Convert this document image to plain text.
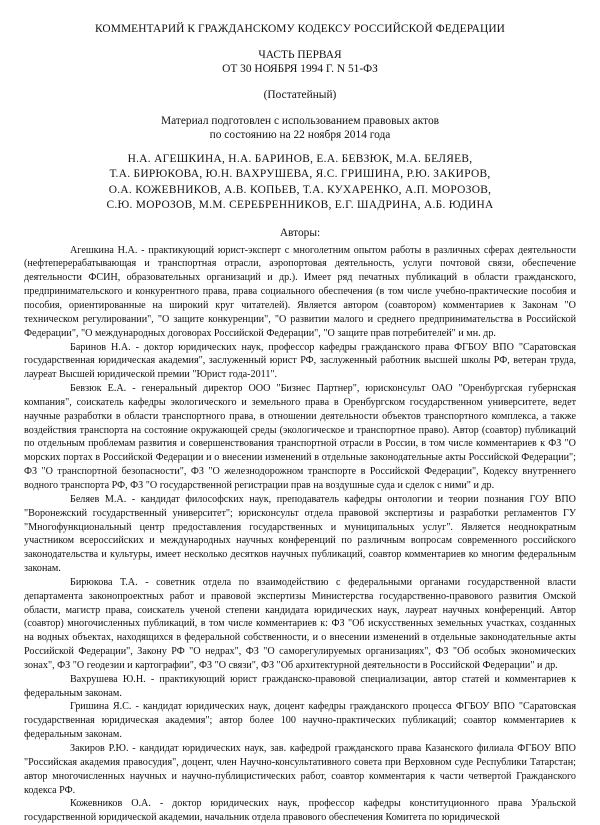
КОММЕНТАРИЙ К ГРАЖДАНСКОМУ КОДЕКСУ РОССИЙСКОЙ ФЕДЕРАЦИИ
ЧАСТЬ ПЕРВАЯ
ОТ 30 НОЯБРЯ 1994 Г. N 51-ФЗ
(Постатейный)
Материал подготовлен с использованием правовых актов
по состоянию на 22 ноября 2014 года
Н.А. АГЕШКИНА, Н.А. БАРИНОВ, Е.А. БЕВЗЮК, М.А. БЕЛЯЕВ,
Т.А. БИРЮКОВА, Ю.Н. ВАХРУШЕВА, Я.С. ГРИШИНА, Р.Ю. ЗАКИРОВ,
О.А. КОЖЕВНИКОВ, А.В. КОПЬЕВ, Т.А. КУХАРЕНКО, А.П. МОРОЗОВ,
С.Ю. МОРОЗОВ, М.М. СЕРЕБРЕННИКОВ, Е.Г. ШАДРИНА, А.Б. ЮДИНА
Авторы:

Агешкина Н.А. - практикующий юрист-эксперт с многолетним опытом работы в различных сферах деятельности (нефтеперерабатывающая и транспортная отрасли, аэропортовая деятельность, услуги почтовой связи, обеспечение деятельности ФСИН, образовательных организаций и др.). Имеет ряд печатных публикаций в области гражданского, предпринимательского и конкурентного права, права социального обеспечения (в том числе учебно-практические пособия и пособия, ориентированные на широкий круг читателей). Является автором (соавтором) комментариев к Законам "О техническом регулировании", "О защите конкуренции", "О развитии малого и среднего предпринимательства в Российской Федерации", "О международных договорах Российской Федерации", "О защите прав потребителей" и мн. др.

Баринов Н.А. - доктор юридических наук, профессор кафедры гражданского права ФГБОУ ВПО "Саратовская государственная юридическая академия", заслуженный юрист РФ, заслуженный работник высшей школы РФ, ветеран труда, лауреат Высшей юридической премии "Юрист года-2011".

Бевзюк Е.А. - генеральный директор ООО "Бизнес Партнер", юрисконсульт ОАО "Оренбургская губернская компания", соискатель кафедры экологического и земельного права в Оренбургском государственном университете, ведет научные разработки в области транспортного права, в отношении деятельности объектов транспортного комплекса, а также воздействия транспорта на состояние окружающей среды (экологическое и транспортное право). Автор (соавтор) публикаций по отдельным проблемам развития и совершенствования транспортной отрасли в России, в том числе комментариев к ФЗ "О морских портах в Российской Федерации и о внесении изменений в отдельные законодательные акты Российской Федерации"; ФЗ "О транспортной безопасности", ФЗ "О железнодорожном транспорте в Российской Федерации", Кодексу внутреннего водного транспорта РФ, ФЗ "О государственной регистрации прав на воздушные суда и сделок с ними" и др.

Беляев М.А. - кандидат философских наук, преподаватель кафедры онтологии и теории познания ГОУ ВПО "Воронежский государственный университет"; юрисконсульт отдела правовой экспертизы и разработки регламентов ГУ "Многофункциональный центр предоставления государственных и муниципальных услуг". Является неоднократным участником всероссийских и международных научных конференций по различным вопросам современного российского законодательства и культуры, имеет несколько десятков научных публикаций, соавтор комментариев ко многим федеральным законам.

Бирюкова Т.А. - советник отдела по взаимодействию с федеральными органами государственной власти департамента законопроектных работ и правовой экспертизы Министерства государственно-правового развития Омской области, магистр права, соискатель ученой степени кандидата юридических наук, лауреат научных конференций. Автор (соавтор) многочисленных публикаций, в том числе комментариев к: ФЗ "Об искусственных земельных участках, созданных на водных объектах, находящихся в федеральной собственности, и о внесении изменений в отдельные законодательные акты Российской Федерации", Закону РФ "О недрах", ФЗ "О саморегулируемых организациях", ФЗ "Об особых экономических зонах", ФЗ "О геодезии и картографии", ФЗ "О связи", ФЗ "Об архитектурной деятельности в Российской Федерации" и др.

Вахрушева Ю.Н. - практикующий юрист гражданско-правовой специализации, автор статей и комментариев к федеральным законам.

Гришина Я.С. - кандидат юридических наук, доцент кафедры гражданского процесса ФГБОУ ВПО "Саратовская государственная юридическая академия"; автор более 100 научно-практических публикаций; соавтор комментариев к федеральным законам.

Закиров Р.Ю. - кандидат юридических наук, зав. кафедрой гражданского права Казанского филиала ФГБОУ ВПО "Российская академия правосудия", доцент, член Научно-консультативного совета при Верховном суде Республики Татарстан; автор многочисленных научных и научно-публицистических работ, соавтор комментария к части четвертой Гражданского кодекса РФ.

Кожевников О.А. - доктор юридических наук, профессор кафедры конституционного права Уральской государственной юридической академии, начальник отдела правового обеспечения Комитета по юридической
